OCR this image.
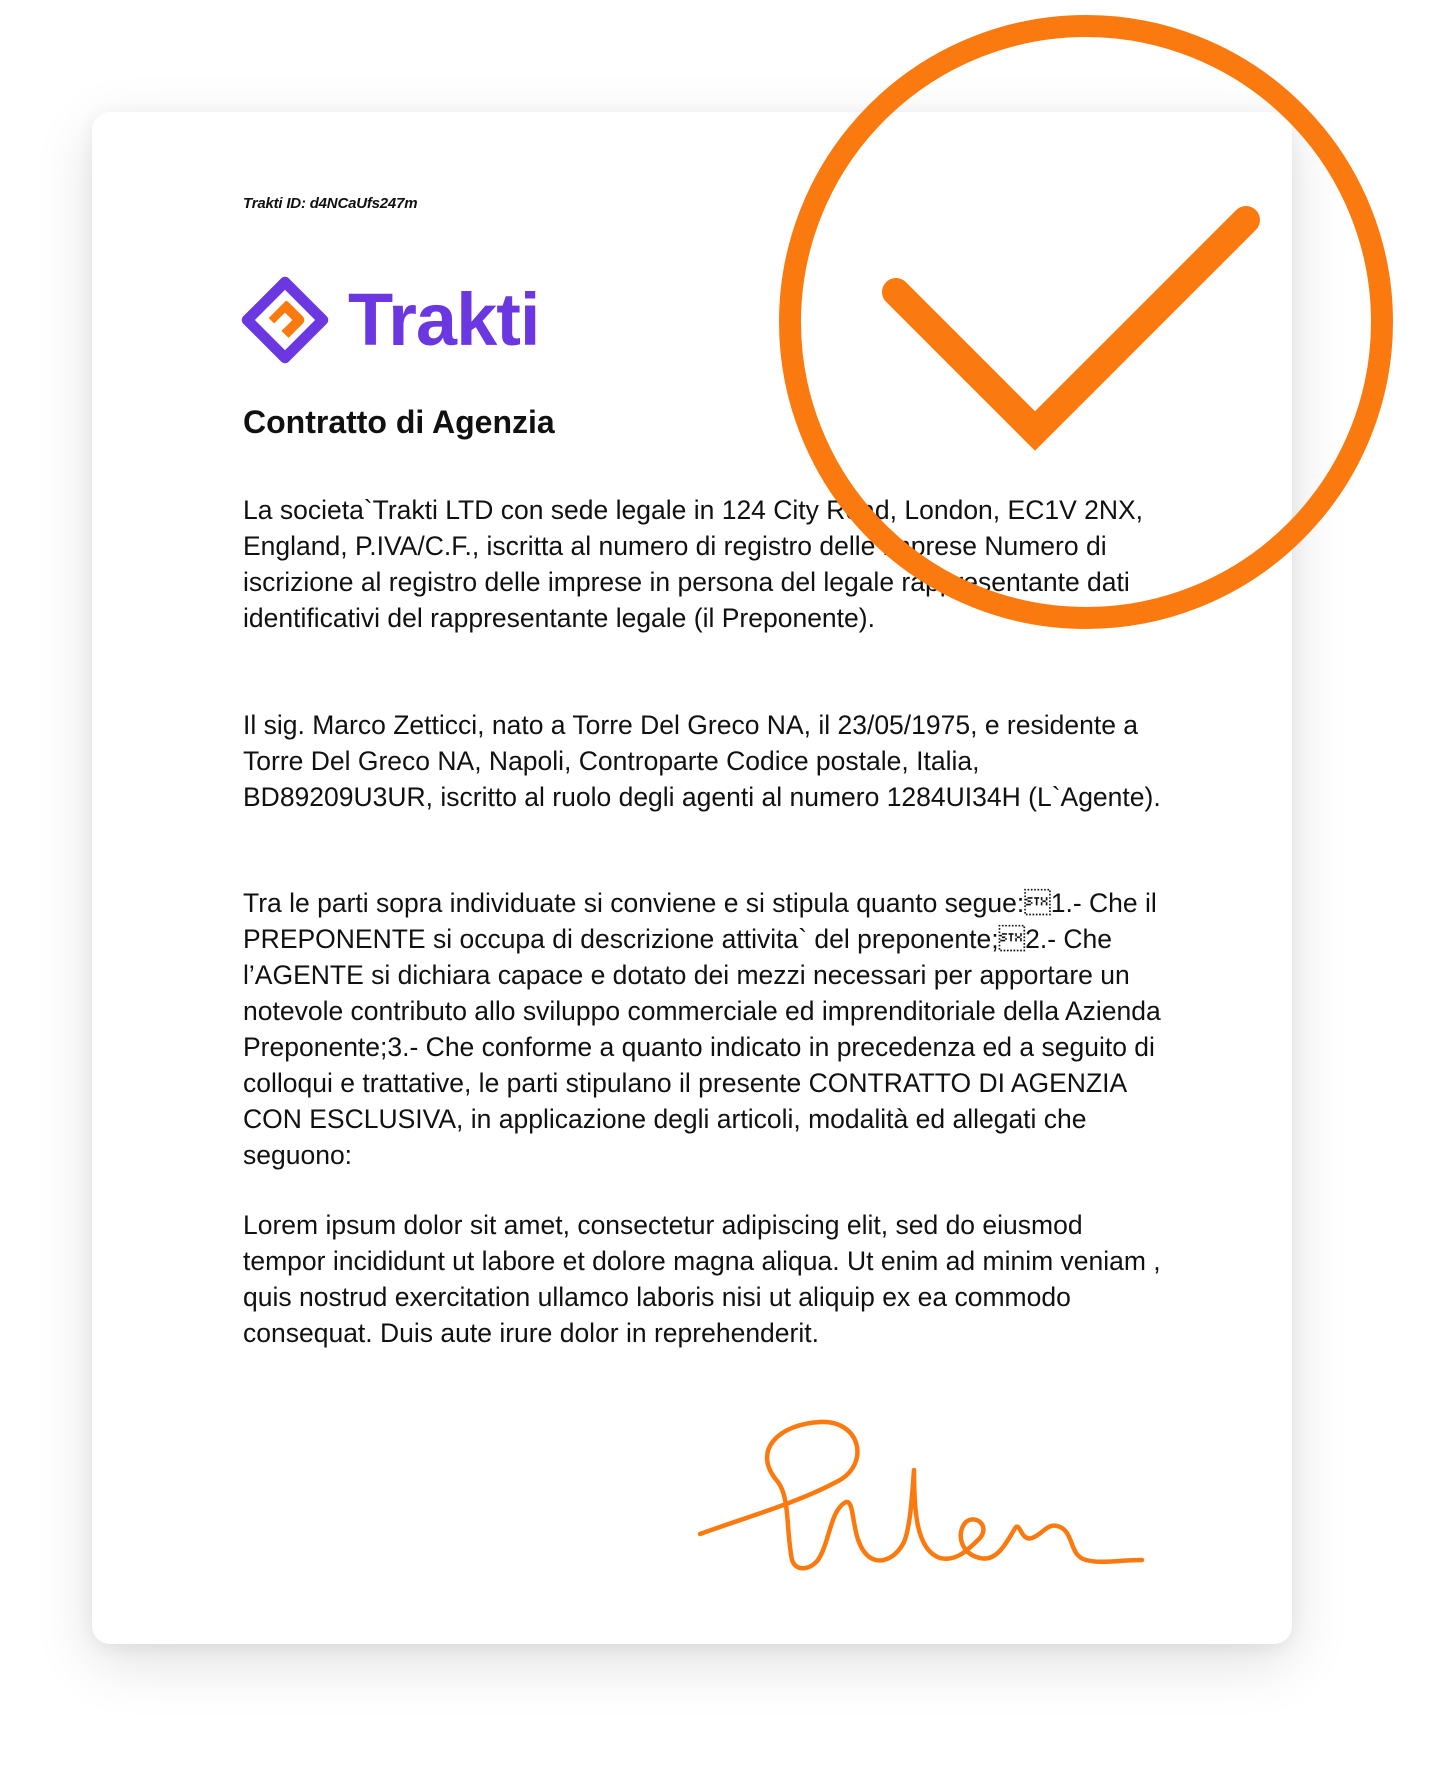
Trakti ID: d4NCaUfs247m
Trakti
Contratto di Agenzia

La societa`Trakti LTD con sede legale in 124 City Road, London, EC1V 2NX, England, P.IVA/C.F., iscritta al numero di registro delle imprese Numero di iscrizione al registro delle imprese in persona del legale rappresentante dati identificativi del rappresentante legale (il Preponente).

Il sig. Marco Zetticci, nato a Torre Del Greco NA, il 23/05/1975, e residente a Torre Del Greco NA, Napoli, Controparte Codice postale, Italia, BD89209U3UR, iscritto al ruolo degli agenti al numero 1284UI34H (L`Agente).

Tra le parti sopra individuate si conviene e si stipula quanto segue:1.- Che il PREPONENTE si occupa di descrizione attivita` del preponente;2.- Che l’AGENTE si dichiara capace e dotato dei mezzi necessari per apportare un notevole contributo allo sviluppo commerciale ed imprenditoriale della Azienda Preponente;3.- Che conforme a quanto indicato in precedenza ed a seguito di colloqui e trattative, le parti stipulano il presente CONTRATTO DI AGENZIA CON ESCLUSIVA, in applicazione degli articoli, modalità ed allegati che seguono:

Lorem ipsum dolor sit amet, consectetur adipiscing elit, sed do eiusmod tempor incididunt ut labore et dolore magna aliqua. Ut enim ad minim veniam , quis nostrud exercitation ullamco laboris nisi ut aliquip ex ea commodo consequat. Duis aute irure dolor in reprehenderit.
